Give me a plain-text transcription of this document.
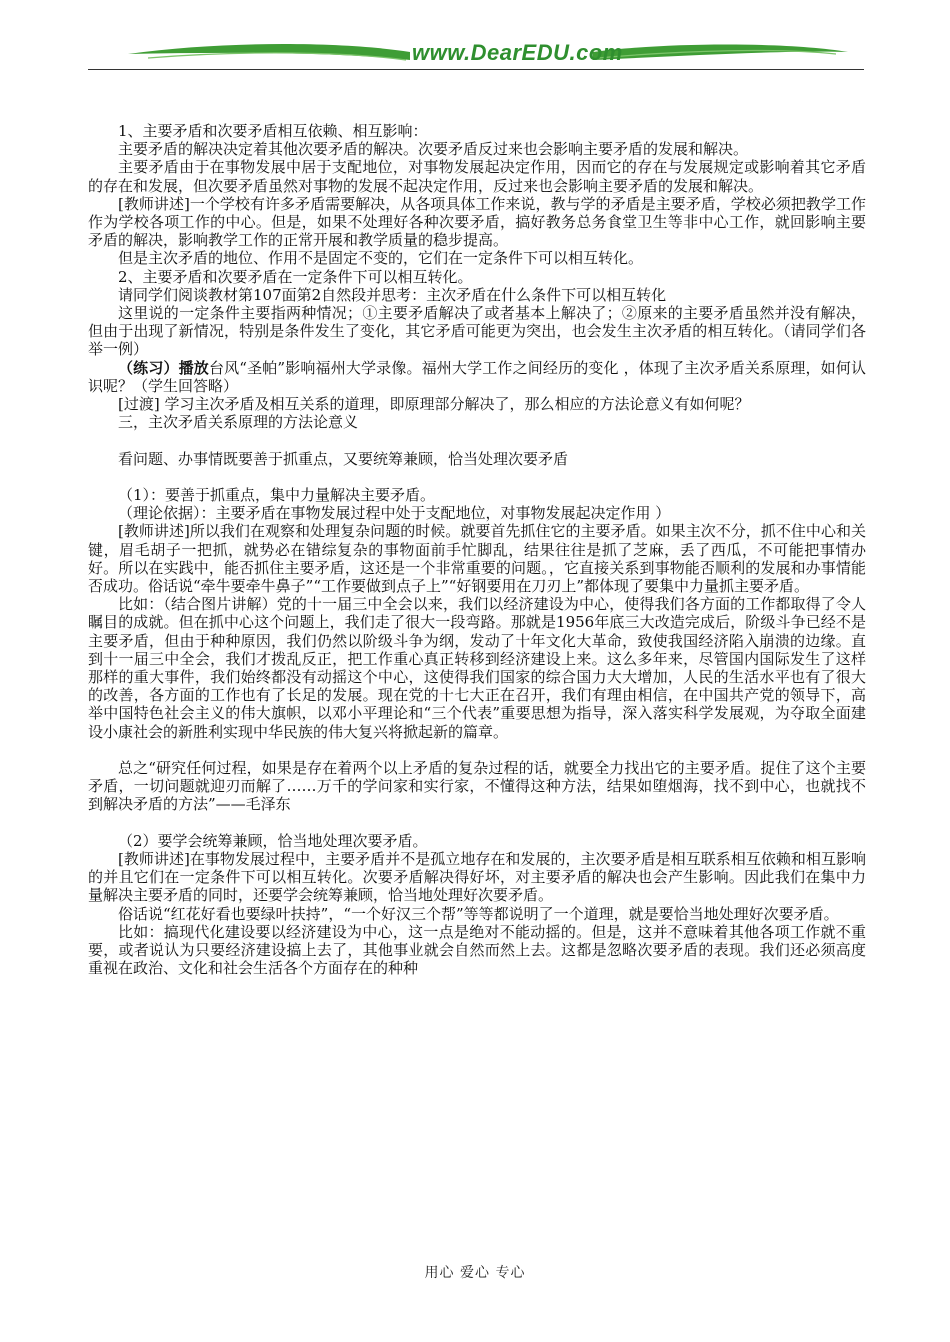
www.DearEDU.com

1、主要矛盾和次要矛盾相互依赖、相互影响：

主要矛盾的解决决定着其他次要矛盾的解决。次要矛盾反过来也会影响主要矛盾的发展和解决。

主要矛盾由于在事物发展中居于支配地位，对事物发展起决定作用，因而它的存在与发展规定或影响着其它矛盾的存在和发展，但次要矛盾虽然对事物的发展不起决定作用，反过来也会影响主要矛盾的发展和解决。

[教师讲述]一个学校有许多矛盾需要解决，从各项具体工作来说，教与学的矛盾是主要矛盾，学校必须把教学工作作为学校各项工作的中心。但是，如果不处理好各种次要矛盾，搞好教务总务食堂卫生等非中心工作，就回影响主要矛盾的解决，影响教学工作的正常开展和教学质量的稳步提高。

但是主次矛盾的地位、作用不是固定不变的，它们在一定条件下可以相互转化。

2、主要矛盾和次要矛盾在一定条件下可以相互转化。

请同学们阅谈教材第107面第2自然段并思考：主次矛盾在什么条件下可以相互转化

这里说的一定条件主要指两种情况；①主要矛盾解决了或者基本上解决了；②原来的主要矛盾虽然并没有解决，但由于出现了新情况，特别是条件发生了变化，其它矛盾可能更为突出，也会发生主次矛盾的相互转化。（请同学们各举一例）

（练习）播放台风“圣帕”影响福州大学录像。福州大学工作之间经历的变化 ，体现了主次矛盾关系原理，如何认识呢？（学生回答略）

[过渡] 学习主次矛盾及相互关系的道理，即原理部分解决了，那么相应的方法论意义有如何呢？

三，主次矛盾关系原理的方法论意义

看问题、办事情既要善于抓重点，又要统筹兼顾，恰当处理次要矛盾

（1）：要善于抓重点，集中力量解决主要矛盾。

（理论依据）：主要矛盾在事物发展过程中处于支配地位，对事物发展起决定作用 ）

[教师讲述]所以我们在观察和处理复杂问题的时候。就要首先抓住它的主要矛盾。如果主次不分，抓不住中心和关键，眉毛胡子一把抓，就势必在错综复杂的事物面前手忙脚乱，结果往往是抓了芝麻，丢了西瓜，不可能把事情办好。所以在实践中，能否抓住主要矛盾，这还是一个非常重要的问题。，它直接关系到事物能否顺利的发展和办事情能否成功。俗话说“牵牛要牵牛鼻子”“工作要做到点子上”“好钢要用在刀刃上”都体现了要集中力量抓主要矛盾。

比如：（结合图片讲解）党的十一届三中全会以来，我们以经济建设为中心，使得我们各方面的工作都取得了令人瞩目的成就。但在抓中心这个问题上，我们走了很大一段弯路。那就是1956年底三大改造完成后，阶级斗争已经不是主要矛盾，但由于种种原因，我们仍然以阶级斗争为纲，发动了十年文化大革命，致使我国经济陷入崩溃的边缘。直到十一届三中全会，我们才拨乱反正，把工作重心真正转移到经济建设上来。这么多年来，尽管国内国际发生了这样那样的重大事件，我们始终都没有动摇这个中心，这使得我们国家的综合国力大大增加，人民的生活水平也有了很大的改善，各方面的工作也有了长足的发展。现在党的十七大正在召开，我们有理由相信，在中国共产党的领导下，高举中国特色社会主义的伟大旗帜，以邓小平理论和“三个代表”重要思想为指导，深入落实科学发展观，为夺取全面建设小康社会的新胜利实现中华民族的伟大复兴将掀起新的篇章。

总之“研究任何过程，如果是存在着两个以上矛盾的复杂过程的话，就要全力找出它的主要矛盾。捉住了这个主要矛盾，一切问题就迎刃而解了……万千的学问家和实行家，不懂得这种方法，结果如堕烟海，找不到中心，也就找不到解决矛盾的方法”——毛泽东

（2）要学会统筹兼顾，恰当地处理次要矛盾。

[教师讲述]在事物发展过程中，主要矛盾并不是孤立地存在和发展的，主次要矛盾是相互联系相互依赖和相互影响的并且它们在一定条件下可以相互转化。次要矛盾解决得好坏，对主要矛盾的解决也会产生影响。因此我们在集中力量解决主要矛盾的同时，还要学会统筹兼顾，恰当地处理好次要矛盾。

俗话说“红花好看也要绿叶扶持”，“一个好汉三个帮”等等都说明了一个道理，就是要恰当地处理好次要矛盾。

比如：搞现代化建设要以经济建设为中心，这一点是绝对不能动摇的。但是，这并不意味着其他各项工作就不重要，或者说认为只要经济建设搞上去了，其他事业就会自然而然上去。这都是忽略次要矛盾的表现。我们还必须高度重视在政治、文化和社会生活各个方面存在的种种

用心 爱心 专心
